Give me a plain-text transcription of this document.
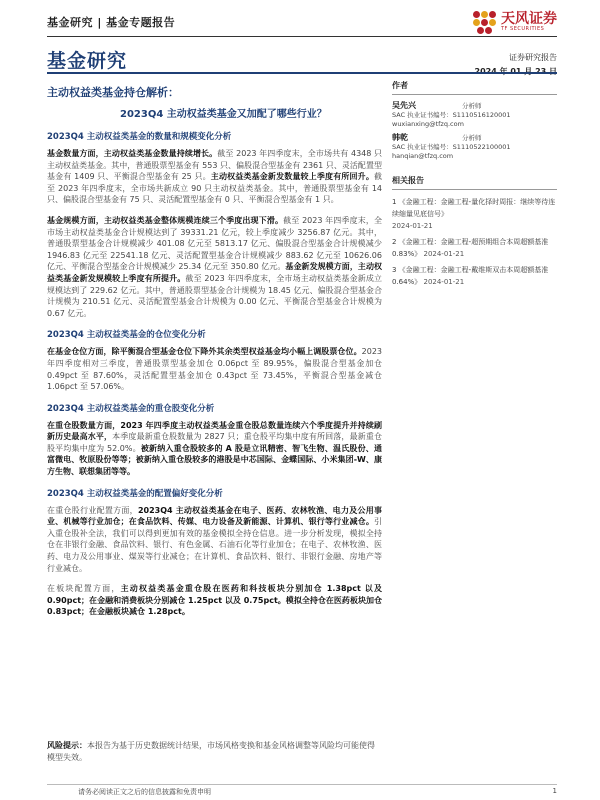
基金研究 | 基金专题报告	天风证券
TF SECURITIES
基金研究	证券研究报告
主动权益类基金持仓解析：
2023Q4 主动权益类基金又加配了哪些行业？
2023Q4 主动权益类基金的数量和规模变化分析

基金数量方面，主动权益类基金数量持续增长。截至 2023 年四季度末，全市场共有 4348 只主动权益类基金。其中，普通股票型基金有 553 只、偏股混合型基金有 2361 只、灵活配置型基金有 1409 只、平衡混合型基金有 25 只。主动权益类基金新发数量较上季度有所回升。截至 2023 年四季度末，全市场共新成立 90 只主动权益类基金。其中，普通股票型基金有 14 只、偏股混合型基金有 75 只、灵活配置型基金有 0 只、平衡混合型基金有 1 只。

基金规模方面，主动权益类基金整体规模连续三个季度出现下滑。截至 2023 年四季度末，全市场主动权益类基金合计规模达到了 39331.21 亿元，较上季度减少 3256.87 亿元。其中，普通股票型基金合计规模减少 401.08 亿元至 5813.17 亿元、偏股混合型基金合计规模减少 1946.83 亿元至 22541.18 亿元、灵活配置型基金合计规模减少 883.62 亿元至 10626.06 亿元、平衡混合型基金合计规模减少 25.34 亿元至 350.80 亿元。基金新发规模方面，主动权益类基金新发规模较上季度有所提升。截至 2023 年四季度末，全市场主动权益类基金新成立规模达到了 229.62 亿元。其中，普通股票型基金合计规模为 18.45 亿元、偏股混合型基金合计规模为 210.51 亿元、灵活配置型基金合计规模为 0.00 亿元、平衡混合型基金合计规模为 0.67 亿元。

2023Q4 主动权益类基金的仓位变化分析

在基金仓位方面，除平衡混合型基金仓位下降外其余类型权益基金均小幅上调股票仓位。2023 年四季度相对三季度，普通股票型基金加仓 0.06pct 至 89.95%，偏股混合型基金加仓 0.49pct 至 87.60%，灵活配置型基金加仓 0.43pct 至 73.45%，平衡混合型基金减仓 1.06pct 至 57.06%。

2023Q4 主动权益类基金的重仓股变化分析

在重仓股数量方面，2023 年四季度主动权益类基金重仓股总数量连续六个季度提升并持续刷新历史最高水平，本季度最新重仓股数量为 2827 只；重仓股平均集中度有所回落，最新重仓股平均集中度为 52.0%。被新纳入重仓股较多的 A 股是立讯精密、智飞生物、温氏股份、通富微电、牧原股份等等；被新纳入重仓股较多的港股是中芯国际、金蝶国际、小米集团-W、康方生物、联想集团等等。

2023Q4 主动权益类基金的配置偏好变化分析

在重仓股行业配置方面，2023Q4 主动权益类基金在电子、医药、农林牧渔、电力及公用事业、机械等行业加仓；在食品饮料、传媒、电力设备及新能源、计算机、银行等行业减仓。引入重仓股补全法，我们可以得到更加有效的基金模拟全持仓信息。进一步分析发现，模拟全持仓在非银行金融、食品饮料、银行、有色金属、石油石化等行业加仓；在电子、农林牧渔、医药、电力及公用事业、煤炭等行业减仓；在计算机、食品饮料、银行、非银行金融、房地产等行业减仓。

在板块配置方面，主动权益类基金重仓股在医药和科技板块分别加仓 1.38pct 以及 0.90pct；在金融和消费板块分别减仓 1.25pct 以及 0.75pct。模拟全持仓在医药板块加仓 0.83pct；在金融板块减仓 1.28pct。

作者
吴先兴	分析师
SAC 执业证书编号：S1110516120001
wuxianxing@tfzq.com
韩乾	分析师
SAC 执业证书编号：S1110522100001
hanqian@tfzq.com
相关报告
1 《金融工程：金融工程-量化择时周报：继续等待连续缩量见底信号》
2024-01-21
2 《金融工程：金融工程-超预期组合本周超额基准 0.83%》 2024-01-21
3 《金融工程：金融工程-戴维斯双击本周超额基准 0.64%》 2024-01-21
风险提示：本报告为基于历史数据统计结果，市场风格变换和基金风格调整等风险均可能使得模型失效。
请务必阅读正文之后的信息披露和免责申明	1
